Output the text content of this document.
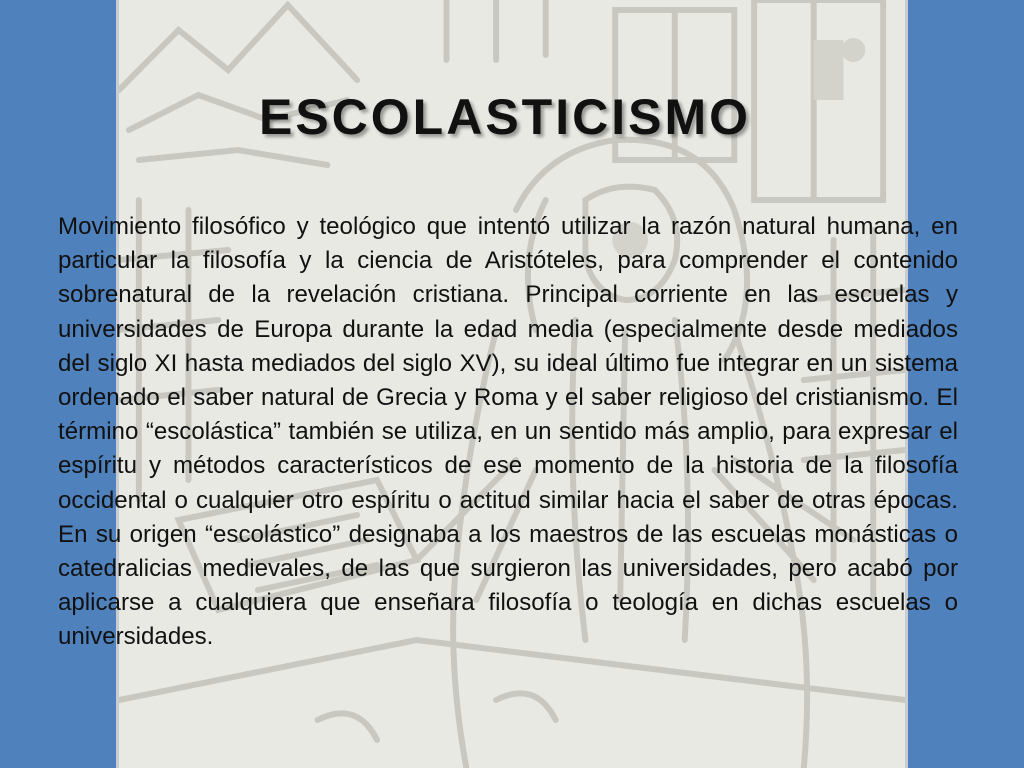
ESCOLASTICISMO

Movimiento filosófico y teológico que intentó utilizar la razón natural humana, en particular la filosofía y la ciencia de Aristóteles, para comprender el contenido sobrenatural de la revelación cristiana. Principal corriente en las escuelas y universidades de Europa durante la edad media (especialmente desde mediados del siglo XI hasta mediados del siglo XV), su ideal último fue integrar en un sistema ordenado el saber natural de Grecia y Roma y el saber religioso del cristianismo. El término “escolástica” también se utiliza, en un sentido más amplio, para expresar el espíritu y métodos característicos de ese momento de la historia de la filosofía occidental o cualquier otro espíritu o actitud similar hacia el saber de otras épocas. En su origen “escolástico” designaba a los maestros de las escuelas monásticas o catedralicias medievales, de las que surgieron las universidades, pero acabó por aplicarse a cualquiera que enseñara filosofía o teología en dichas escuelas o universidades.
